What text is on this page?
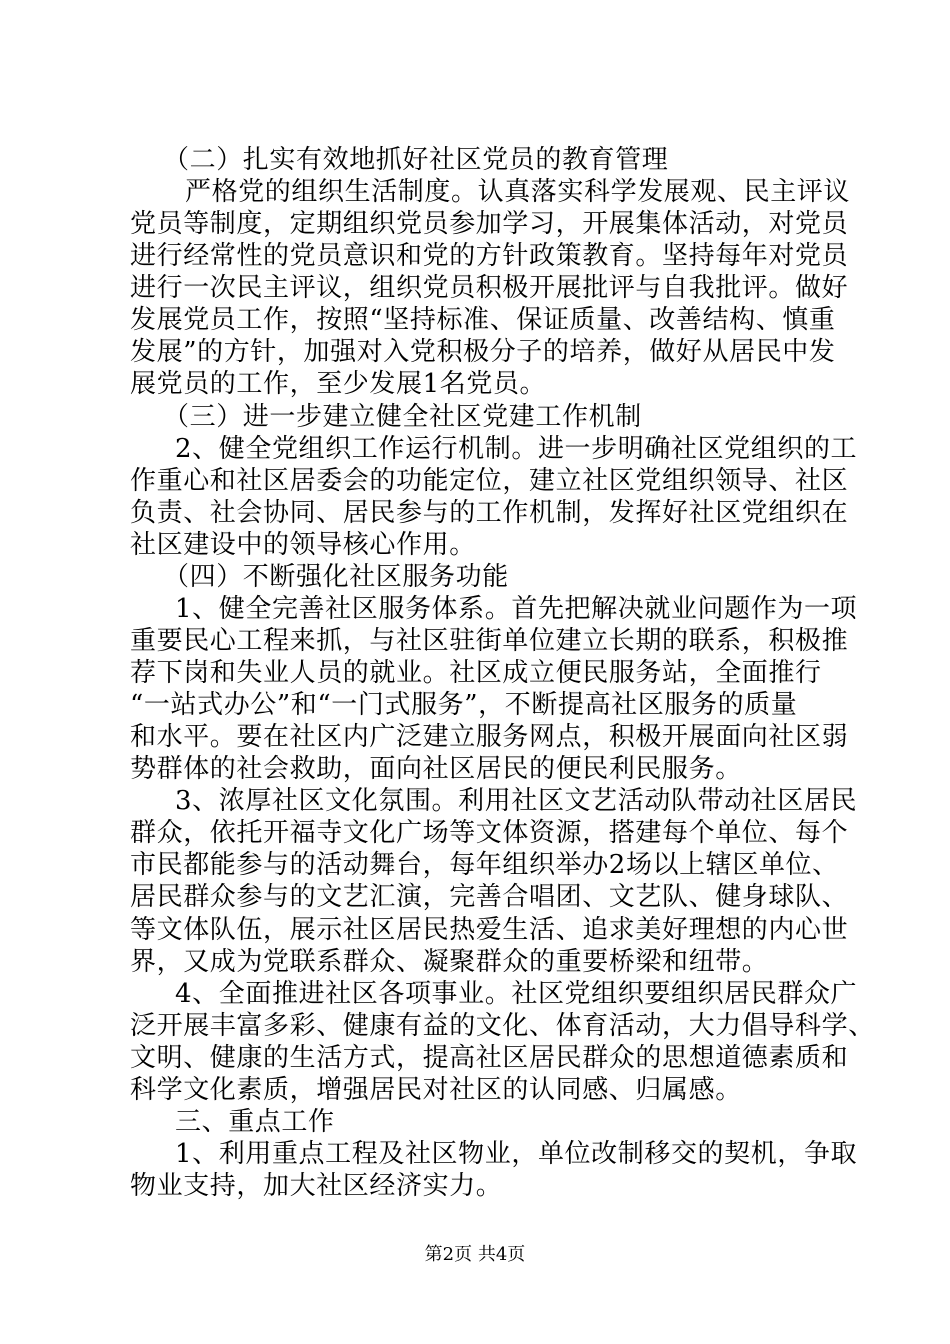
（二）扎实有效地抓好社区党员的教育管理
严格党的组织生活制度。认真落实科学发展观、民主评议
党员等制度，定期组织党员参加学习，开展集体活动，对党员
进行经常性的党员意识和党的方针政策教育。坚持每年对党员
进行一次民主评议，组织党员积极开展批评与自我批评。做好
发展党员工作，按照“坚持标准、保证质量、改善结构、慎重
发展”的方针，加强对入党积极分子的培养，做好从居民中发
展党员的工作，至少发展1名党员。
（三）进一步建立健全社区党建工作机制
2、健全党组织工作运行机制。进一步明确社区党组织的工
作重心和社区居委会的功能定位，建立社区党组织领导、社区
负责、社会协同、居民参与的工作机制，发挥好社区党组织在
社区建设中的领导核心作用。
（四）不断强化社区服务功能
1、健全完善社区服务体系。首先把解决就业问题作为一项
重要民心工程来抓，与社区驻街单位建立长期的联系，积极推
荐下岗和失业人员的就业。社区成立便民服务站，全面推行
“一站式办公”和“一门式服务”，不断提高社区服务的质量
和水平。要在社区内广泛建立服务网点，积极开展面向社区弱
势群体的社会救助，面向社区居民的便民利民服务。
3、浓厚社区文化氛围。利用社区文艺活动队带动社区居民
群众，依托开福寺文化广场等文体资源，搭建每个单位、每个
市民都能参与的活动舞台，每年组织举办2场以上辖区单位、
居民群众参与的文艺汇演，完善合唱团、文艺队、健身球队、
等文体队伍，展示社区居民热爱生活、追求美好理想的内心世
界，又成为党联系群众、凝聚群众的重要桥梁和纽带。
4、全面推进社区各项事业。社区党组织要组织居民群众广
泛开展丰富多彩、健康有益的文化、体育活动，大力倡导科学、
文明、健康的生活方式，提高社区居民群众的思想道德素质和
科学文化素质，增强居民对社区的认同感、归属感。
三、重点工作
1、利用重点工程及社区物业，单位改制移交的契机，争取
物业支持，加大社区经济实力。
第2页 共4页
